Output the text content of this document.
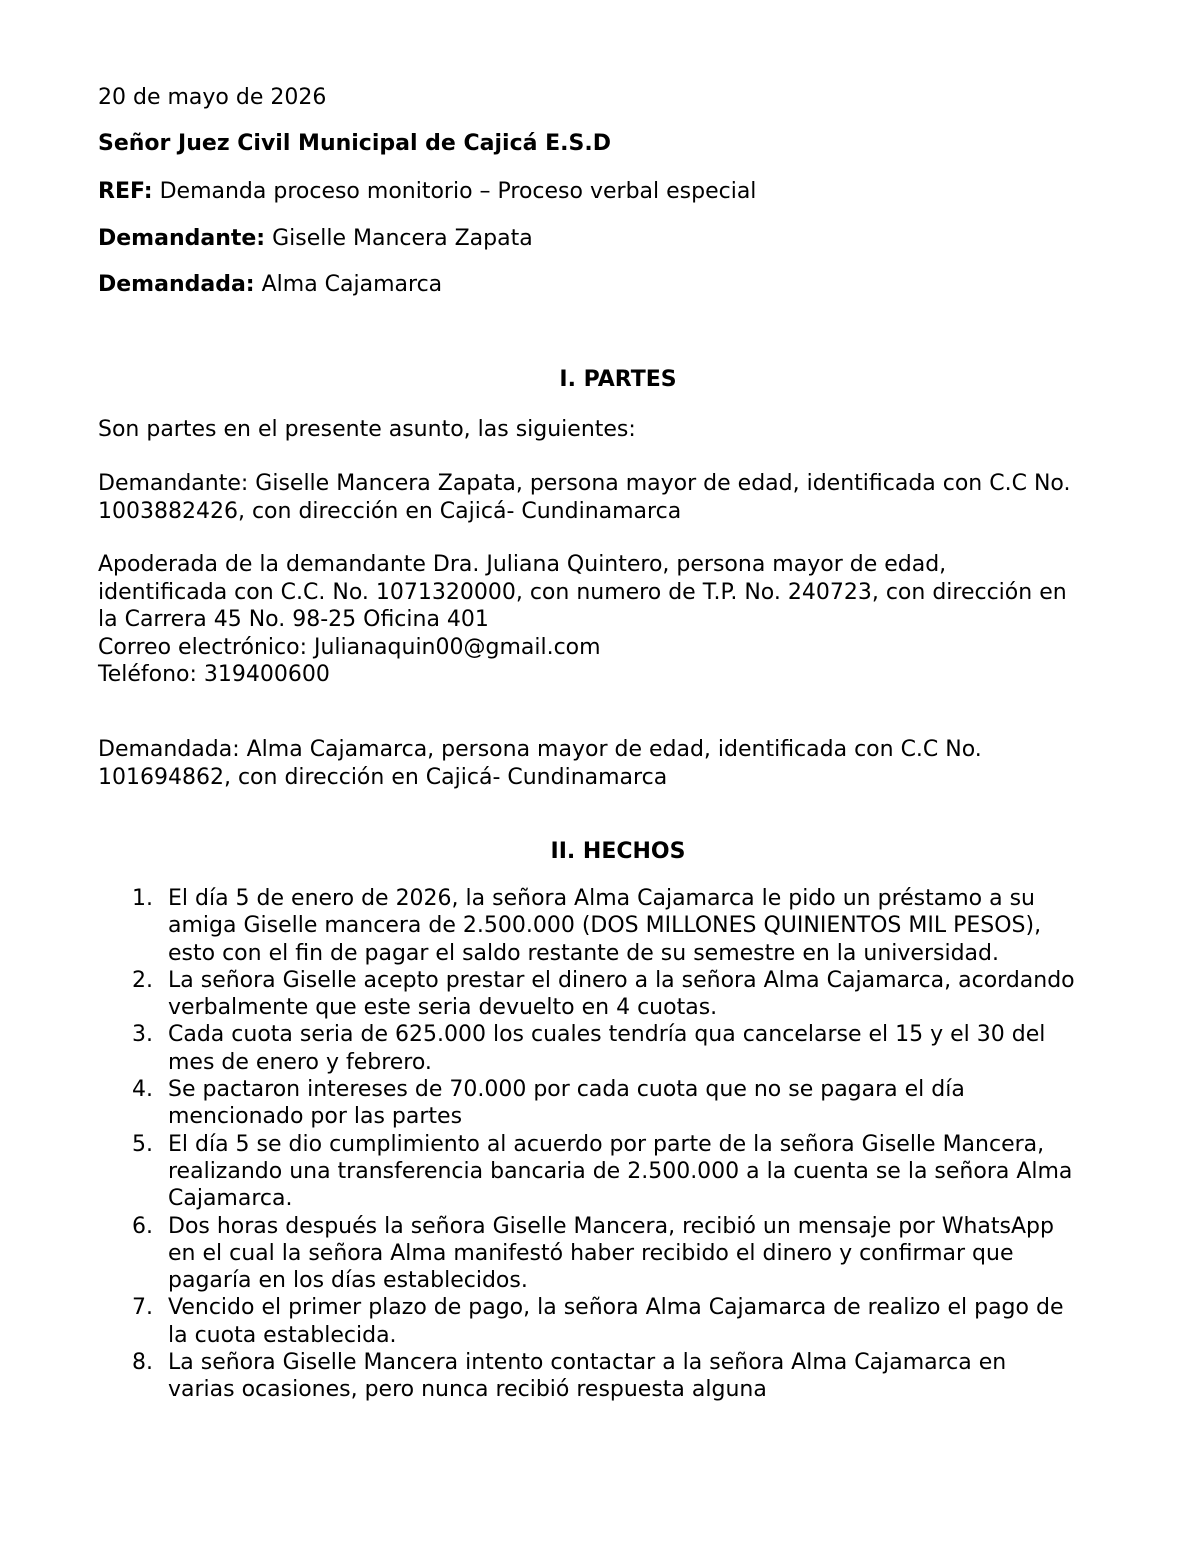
20 de mayo de 2026
Señor Juez Civil Municipal de Cajicá E.S.D
REF: Demanda proceso monitorio – Proceso verbal especial
Demandante: Giselle Mancera Zapata
Demandada: Alma Cajamarca
I. PARTES
Son partes en el presente asunto, las siguientes:
Demandante: Giselle Mancera Zapata, persona mayor de edad, identificada con C.C No.
1003882426, con dirección en Cajicá- Cundinamarca
Apoderada de la demandante Dra. Juliana Quintero, persona mayor de edad,
identificada con C.C. No. 1071320000, con numero de T.P. No. 240723, con dirección en
la Carrera 45 No. 98-25 Oficina 401
Correo electrónico: Julianaquin00@gmail.com
Teléfono: 319400600
Demandada: Alma Cajamarca, persona mayor de edad, identificada con C.C No.
101694862, con dirección en Cajicá- Cundinamarca
II. HECHOS
1. El día 5 de enero de 2026, la señora Alma Cajamarca le pido un préstamo a su
amiga Giselle mancera de 2.500.000 (DOS MILLONES QUINIENTOS MIL PESOS),
esto con el fin de pagar el saldo restante de su semestre en la universidad.
2. La señora Giselle acepto prestar el dinero a la señora Alma Cajamarca, acordando
verbalmente que este seria devuelto en 4 cuotas.
3. Cada cuota seria de 625.000 los cuales tendría qua cancelarse el 15 y el 30 del
mes de enero y febrero.
4. Se pactaron intereses de 70.000 por cada cuota que no se pagara el día
mencionado por las partes
5. El día 5 se dio cumplimiento al acuerdo por parte de la señora Giselle Mancera,
realizando una transferencia bancaria de 2.500.000 a la cuenta se la señora Alma
Cajamarca.
6. Dos horas después la señora Giselle Mancera, recibió un mensaje por WhatsApp
en el cual la señora Alma manifestó haber recibido el dinero y confirmar que
pagaría en los días establecidos.
7. Vencido el primer plazo de pago, la señora Alma Cajamarca de realizo el pago de
la cuota establecida.
8. La señora Giselle Mancera intento contactar a la señora Alma Cajamarca en
varias ocasiones, pero nunca recibió respuesta alguna
